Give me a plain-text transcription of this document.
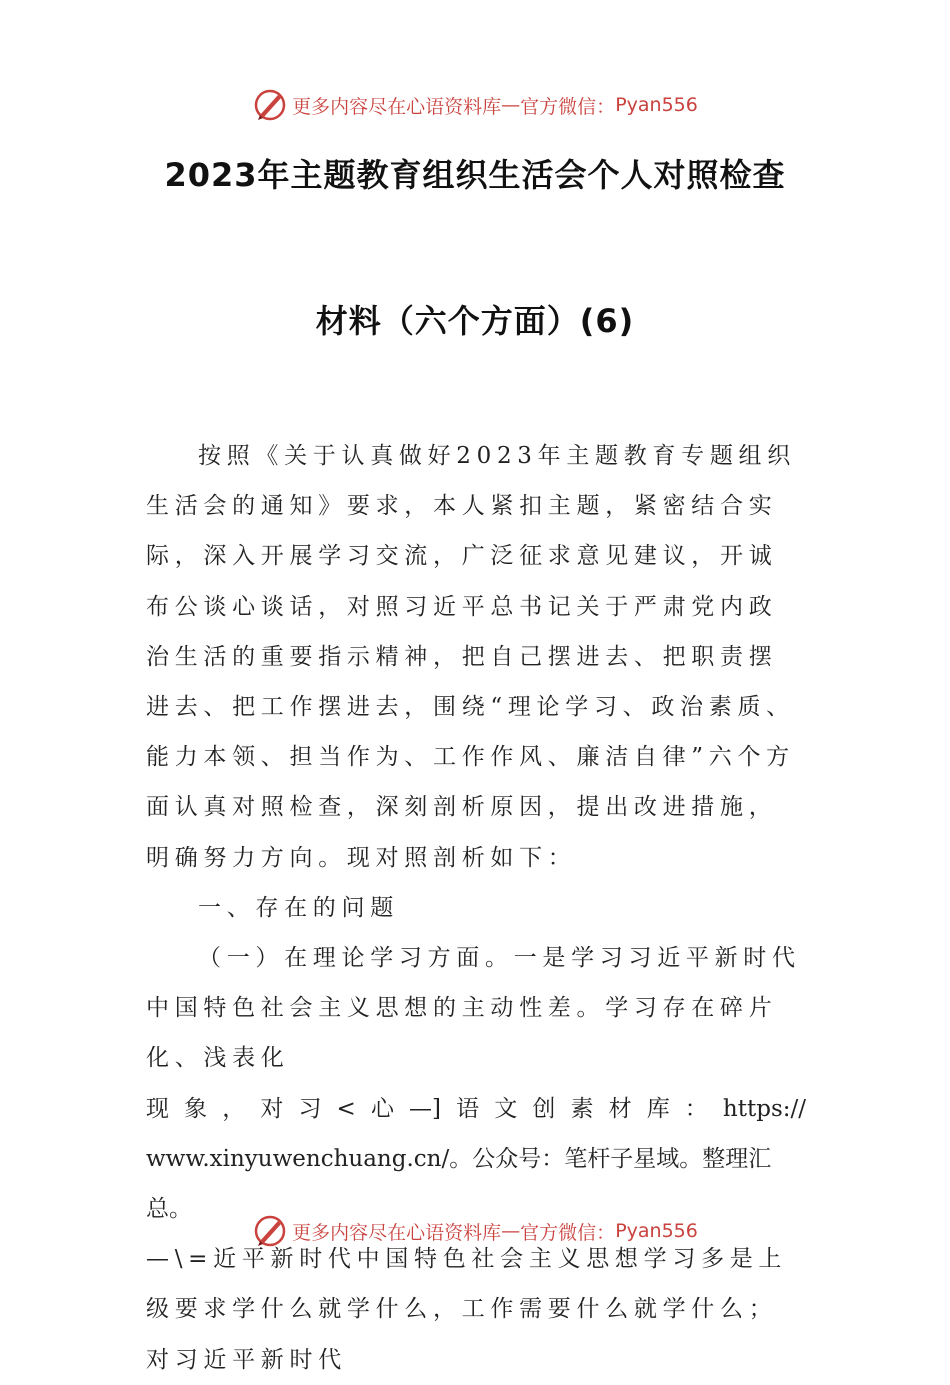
更多内容尽在心语资料库 — 官方微信： Pyan556
2023年主题教育组织生活会个人对照检查
材料（六个方面）(6)

按照《关于认真做好2023年主题教育专题组织生活会的通知》要求，本人紧扣主题，紧密结合实际，深入开展学习交流，广泛征求意见建议，开诚布公谈心谈话，对照习近平总书记关于严肃党内政治生活的重要指示精神，把自己摆进去、把职责摆进去、把工作摆进去，围绕“理论学习、政治素质、能力本领、担当作为、工作作风、廉洁自律”六个方面认真对照检查，深刻剖析原因，提出改进措施，明确努力方向。现对照剖析如下：

一、存在的问题

（一）在理论学习方面。一是学习习近平新时代中国特色社会主义思想的主动性差。学习存在碎片化、浅表化

现象，对习<心—]语文创素材库：https://

www.xinyuwenchuang.cn/。公众号：笔杆子星域。整理汇总。

—\=近平新时代中国特色社会主义思想学习多是上级要求学什么就学什么，工作需要什么就学什么；对习近平新时代

更多内容尽在心语资料库 — 官方微信： Pyan556
